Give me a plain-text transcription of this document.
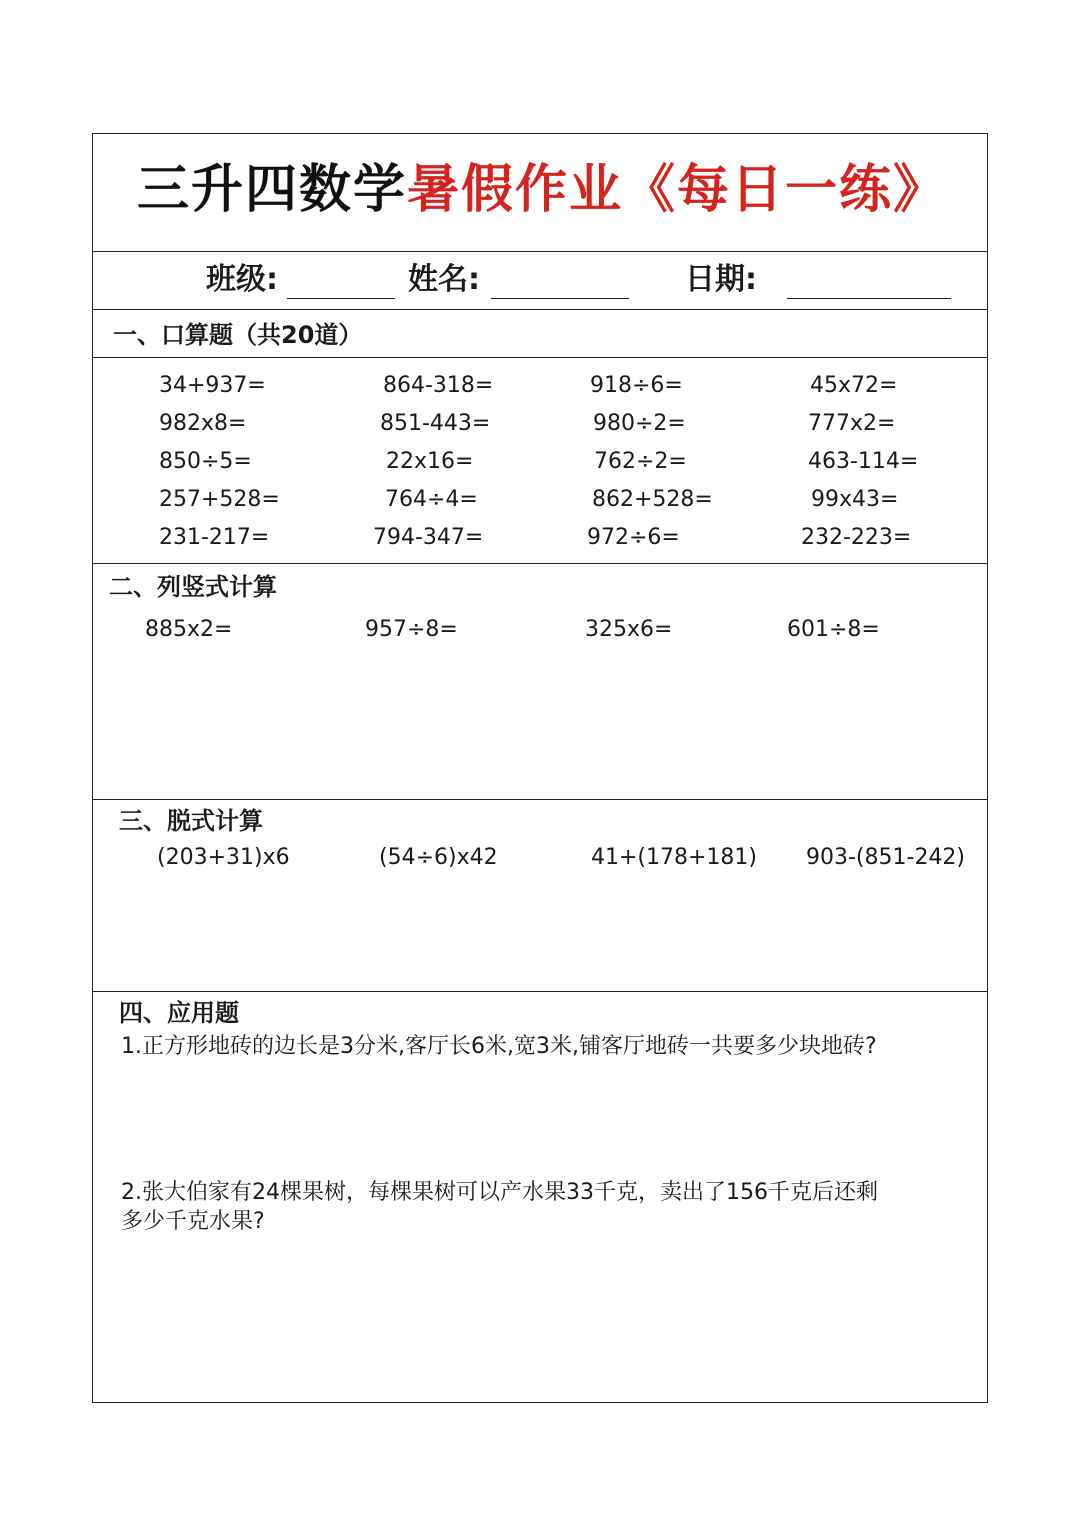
三升四数学暑假作业《每日一练》
班级:	姓名:	日期:
一、口算题（共20道）
34+937=	864-318=	918÷6=	45x72=
982x8=	851-443=	980÷2=	777x2=
850÷5=	22x16=	762÷2=	463-114=
257+528=	764÷4=	862+528=	99x43=
231-217=	794-347=	972÷6=	232-223=
二、列竖式计算
885x2=	957÷8=	325x6=	601÷8=
三、脱式计算
(203+31)x6	(54÷6)x42	41+(178+181) 903-(851-242)
四、应用题
1.正方形地砖的边长是3分米,客厅长6米,宽3米,铺客厅地砖一共要多少块地砖?
2.张大伯家有24棵果树，每棵果树可以产水果33千克，卖出了156千克后还剩
多少千克水果?
